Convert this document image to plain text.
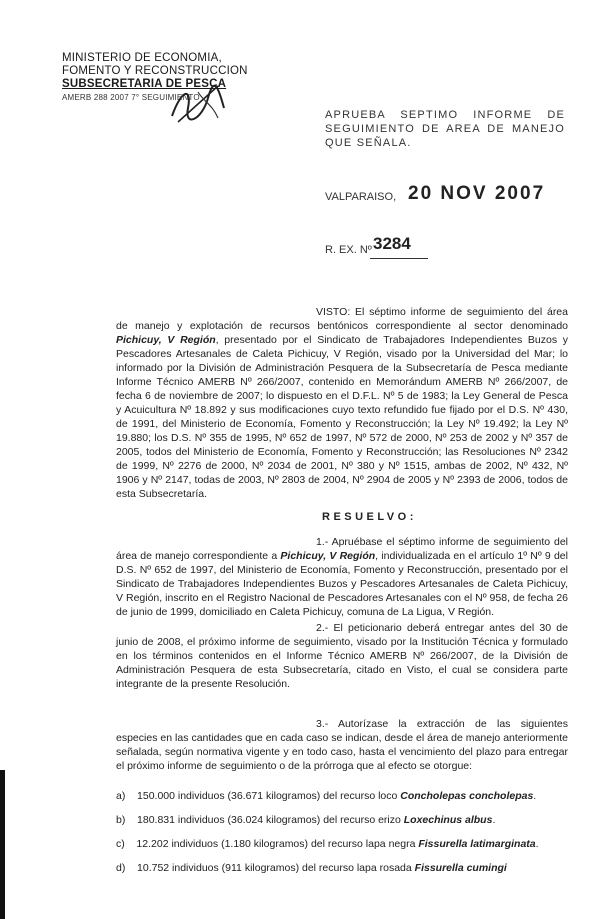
MINISTERIO DE ECONOMIA,
FOMENTO Y RECONSTRUCCION
SUBSECRETARIA DE PESCA
AMERB 288 2007 7° SEGUIMIENTO
APRUEBA SEPTIMO INFORME DE SEGUIMIENTO DE AREA DE MANEJO QUE SEÑALA.
VALPARAISO, 20 NOV 2007
R. EX. Nº 3284
VISTO: El séptimo informe de seguimiento del área de manejo y explotación de recursos bentónicos correspondiente al sector denominado Pichicuy, V Región, presentado por el Sindicato de Trabajadores Independientes Buzos y Pescadores Artesanales de Caleta Pichicuy, V Región, visado por la Universidad del Mar; lo informado por la División de Administración Pesquera de la Subsecretaría de Pesca mediante Informe Técnico AMERB Nº 266/2007, contenido en Memorándum AMERB Nº 266/2007, de fecha 6 de noviembre de 2007; lo dispuesto en el D.F.L. Nº 5 de 1983; la Ley General de Pesca y Acuicultura Nº 18.892 y sus modificaciones cuyo texto refundido fue fijado por el D.S. Nº 430, de 1991, del Ministerio de Economía, Fomento y Reconstrucción; la Ley Nº 19.492; la Ley Nº 19.880; los D.S. Nº 355 de 1995, Nº 652 de 1997, Nº 572 de 2000, Nº 253 de 2002 y Nº 357 de 2005, todos del Ministerio de Economía, Fomento y Reconstrucción; las Resoluciones Nº 2342 de 1999, Nº 2276 de 2000, Nº 2034 de 2001, Nº 380 y Nº 1515, ambas de 2002, Nº 432, Nº 1906 y Nº 2147, todas de 2003, Nº 2803 de 2004, Nº 2904 de 2005 y Nº 2393 de 2006, todos de esta Subsecretaría.
RESUELVO:
1.- Apruébase el séptimo informe de seguimiento del área de manejo correspondiente a Pichicuy, V Región, individualizada en el artículo 1º Nº 9 del D.S. Nº 652 de 1997, del Ministerio de Economía, Fomento y Reconstrucción, presentado por el Sindicato de Trabajadores Independientes Buzos y Pescadores Artesanales de Caleta Pichicuy, V Región, inscrito en el Registro Nacional de Pescadores Artesanales con el Nº 958, de fecha 26 de junio de 1999, domiciliado en Caleta Pichicuy, comuna de La Ligua, V Región.
2.- El peticionario deberá entregar antes del 30 de junio de 2008, el próximo informe de seguimiento, visado por la Institución Técnica y formulado en los términos contenidos en el Informe Técnico AMERB Nº 266/2007, de la División de Administración Pesquera de esta Subsecretaría, citado en Visto, el cual se considera parte integrante de la presente Resolución.
3.- Autorízase la extracción de las siguientes especies en las cantidades que en cada caso se indican, desde el área de manejo anteriormente señalada, según normativa vigente y en todo caso, hasta el vencimiento del plazo para entregar el próximo informe de seguimiento o de la prórroga que al efecto se otorgue:
a) 150.000 individuos (36.671 kilogramos) del recurso loco Concholepas concholepas.
b) 180.831 individuos (36.024 kilogramos) del recurso erizo Loxechinus albus.
c) 12.202 individuos (1.180 kilogramos) del recurso lapa negra Fissurella latimarginata.
d) 10.752 individuos (911 kilogramos) del recurso lapa rosada Fissurella cumingi
